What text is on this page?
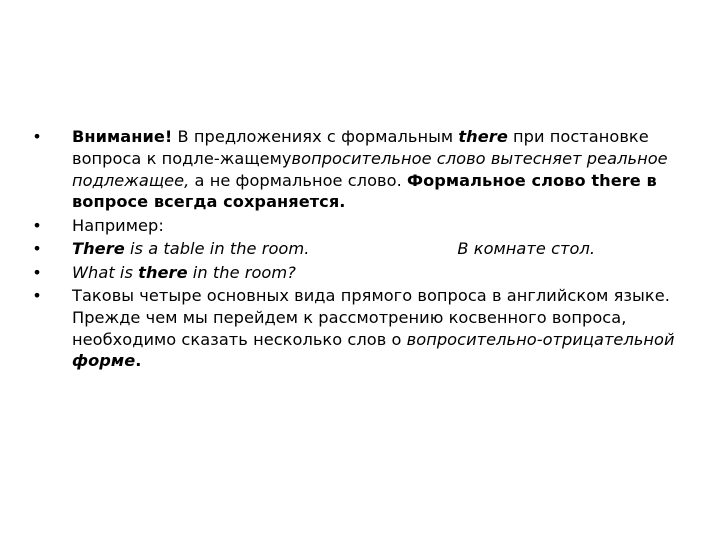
• Внимание! В предложениях с формальным there при постановке вопроса к подле-жащемувопросительное слово вытесняет реальное подлежащее, а не формальное слово. Формальное слово there в вопросе всегда сохраняется.
• Например:
• There is a table in the room.	В комнате стол.
• What is there in the room?
• Таковы четыре основных вида прямого вопроса в английском языке. Прежде чем мы перейдем к рассмотрению косвенного вопроса, необходимо сказать несколько слов о вопросительно-отрицательной форме.
